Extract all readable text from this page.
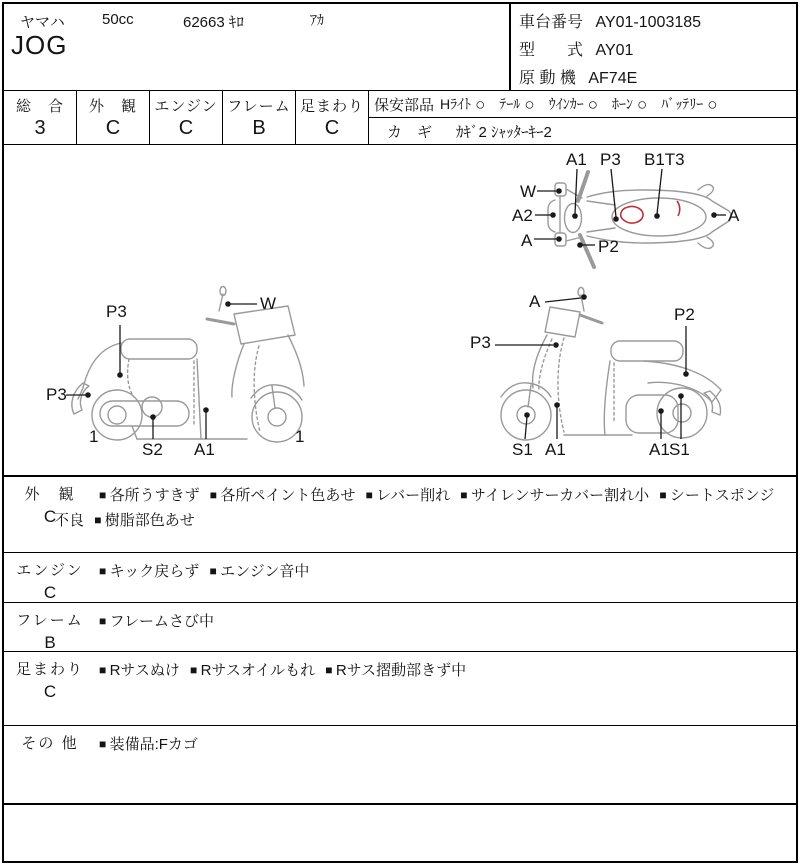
ヤマハ 50cc	62663 ｷﾛ	ｱｶ
JOG
車台番号 AY01-1003185
型　　式 AY01
原 動 機 AF74E
総　合
3
外　観
C
エンジン
C
フレーム
B
足まわり
C
保安部品 Hﾗｲﾄ ○ ﾃｰﾙ ○ ｳｲﾝｶｰ ○ ﾎｰﾝ ○ ﾊﾞｯﾃﾘｰ ○
カ　ギ ｶｷﾞ2 ｼｬｯﾀｰｷｰ2
A1 P3 B1T3
W
A2
A	P2
A
P3	W
P3
1
S2 A1
1
A
P3
P2
S1 A1	A1 S1
外　観
C
■ 各所うすきず ■ 各所ペイント色あせ ■ レバー削れ ■ サイレンサーカバー割れ小 ■ シートスポンジ不良 ■ 樹脂部色あせ
エンジン
C
■ キック戻らず ■ エンジン音中
フレーム
B
■ フレームさび中
足まわり
C
■ Rサスぬけ ■ Rサスオイルもれ ■ Rサス摺動部きず中
その 他	■ 装備品:Fカゴ
